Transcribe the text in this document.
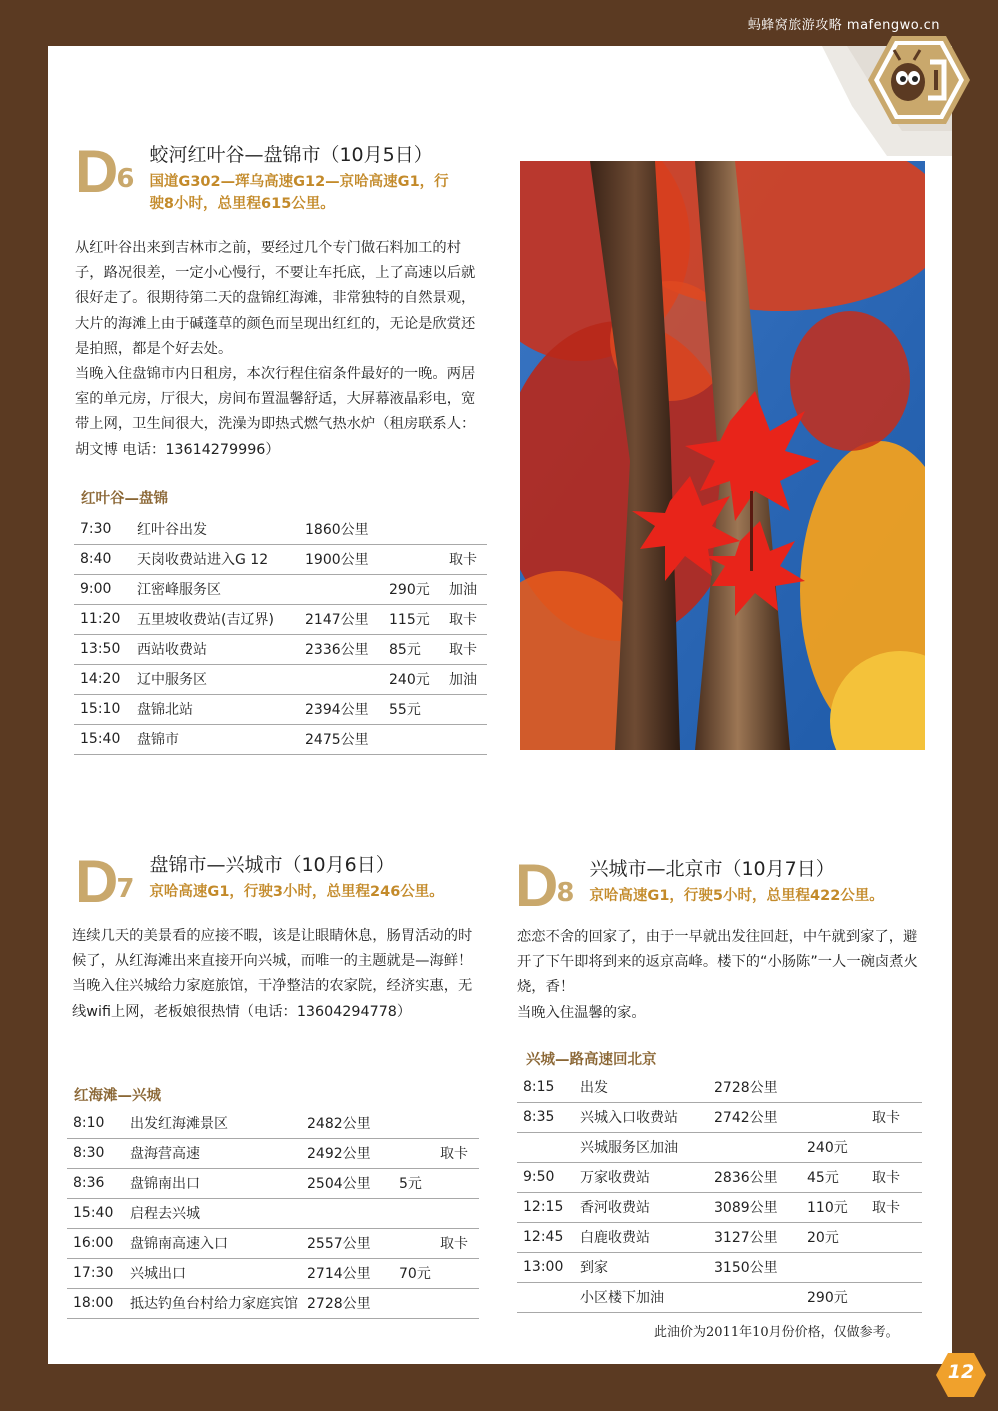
蚂蜂窝旅游攻略 mafengwo.cn
D 6
蛟河红叶谷—盘锦市（10月5日）
国道G302—珲乌高速G12—京哈高速G1，行
驶8小时，总里程615公里。

从红叶谷出来到吉林市之前，要经过几个专门做石料加工的村子，路况很差，一定小心慢行，不要让车托底，上了高速以后就很好走了。很期待第二天的盘锦红海滩，非常独特的自然景观，大片的海滩上由于碱蓬草的颜色而呈现出红红的，无论是欣赏还是拍照，都是个好去处。

当晚入住盘锦市内日租房，本次行程住宿条件最好的一晚。两居室的单元房，厅很大，房间布置温馨舒适，大屏幕液晶彩电，宽带上网，卫生间很大，洗澡为即热式燃气热水炉（租房联系人：胡文博 电话：13614279996）

红叶谷—盘锦
7:30	红叶谷出发	1860公里		
8:40	天岗收费站进入G 12	1900公里		取卡
9:00	江密峰服务区		290元	加油
11:20	五里坡收费站(吉辽界)	2147公里	115元	取卡
13:50	西站收费站	2336公里	85元	取卡
14:20	辽中服务区		240元	加油
15:10	盘锦北站	2394公里	55元	
15:40	盘锦市	2475公里		
D 7
盘锦市—兴城市（10月6日）
京哈高速G1，行驶3小时，总里程246公里。

连续几天的美景看的应接不暇，该是让眼睛休息，肠胃活动的时候了，从红海滩出来直接开向兴城，而唯一的主题就是—海鲜！

当晚入住兴城给力家庭旅馆，干净整洁的农家院，经济实惠，无线wifi上网，老板娘很热情（电话：13604294778）

红海滩—兴城
8:10	出发红海滩景区	2482公里		
8:30	盘海营高速	2492公里		取卡
8:36	盘锦南出口	2504公里	5元	
15:40	启程去兴城			
16:00	盘锦南高速入口	2557公里		取卡
17:30	兴城出口	2714公里	70元	
18:00	抵达钓鱼台村给力家庭宾馆	2728公里		
D 8
兴城市—北京市（10月7日）
京哈高速G1，行驶5小时，总里程422公里。

恋恋不舍的回家了，由于一早就出发往回赶，中午就到家了，避开了下午即将到来的返京高峰。楼下的“小肠陈”一人一碗卤煮火烧，香！

当晚入住温馨的家。

兴城—路高速回北京
8:15	出发	2728公里		
8:35	兴城入口收费站	2742公里		取卡
	兴城服务区加油		240元	
9:50	万家收费站	2836公里	45元	取卡
12:15	香河收费站	3089公里	110元	取卡
12:45	白鹿收费站	3127公里	20元	
13:00	到家	3150公里		
	小区楼下加油		290元	
此油价为2011年10月份价格，仅做参考。
12
